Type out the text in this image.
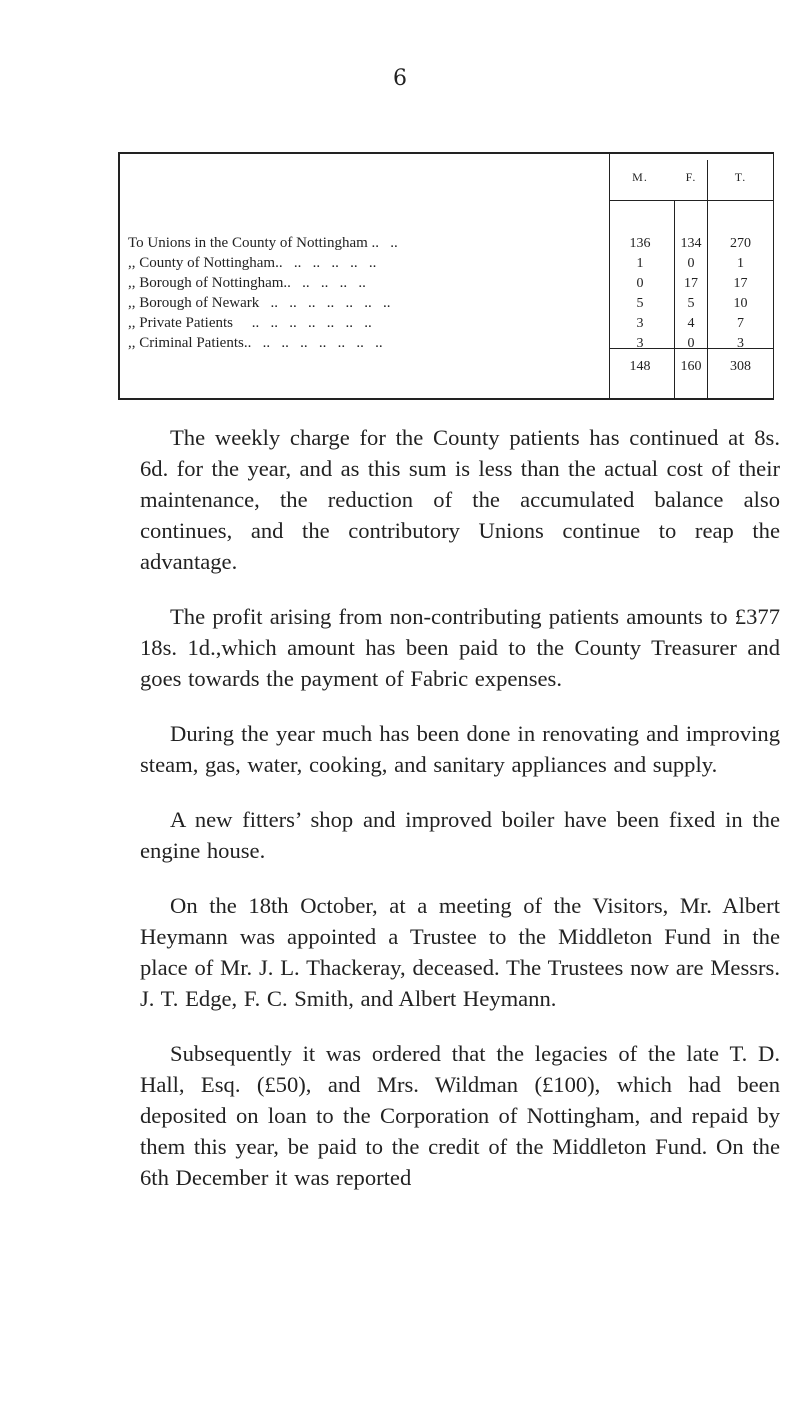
6
M.	F.	T.
To Unions in the County of Nottingham ..   ..	136	134	270
,, County of Nottingham..   ..   ..   ..   ..   ..	1	0	1
,, Borough of Nottingham..   ..   ..   ..   ..	0	17	17
,, Borough of Newark   ..   ..   ..   ..   ..   ..   ..	5	5	10
,, Private Patients     ..   ..   ..   ..   ..   ..   ..	3	4	7
,, Criminal Patients..   ..   ..   ..   ..   ..   ..   ..	3	0	3
148	160	308

The weekly charge for the County patients has continued at 8s. 6d. for the year, and as this sum is less than the actual cost of their maintenance, the reduction of the accumulated balance also continues, and the contributory Unions continue to reap the advantage.

The profit arising from non-contributing patients amounts to £377 18s. 1d.,which amount has been paid to the County Treasurer and goes towards the payment of Fabric expenses.

During the year much has been done in renovating and improving steam, gas, water, cooking, and sanitary appliances and supply.

A new fitters’ shop and improved boiler have been fixed in the engine house.

On the 18th October, at a meeting of the Visitors, Mr. Albert Heymann was appointed a Trustee to the Middleton Fund in the place of Mr. J. L. Thackeray, deceased. The Trustees now are Messrs. J. T. Edge, F. C. Smith, and Albert Heymann.

Subsequently it was ordered that the legacies of the late T. D. Hall, Esq. (£50), and Mrs. Wildman (£100), which had been deposited on loan to the Corporation of Nottingham, and repaid by them this year, be paid to the credit of the Middleton Fund. On the 6th December it was reported
